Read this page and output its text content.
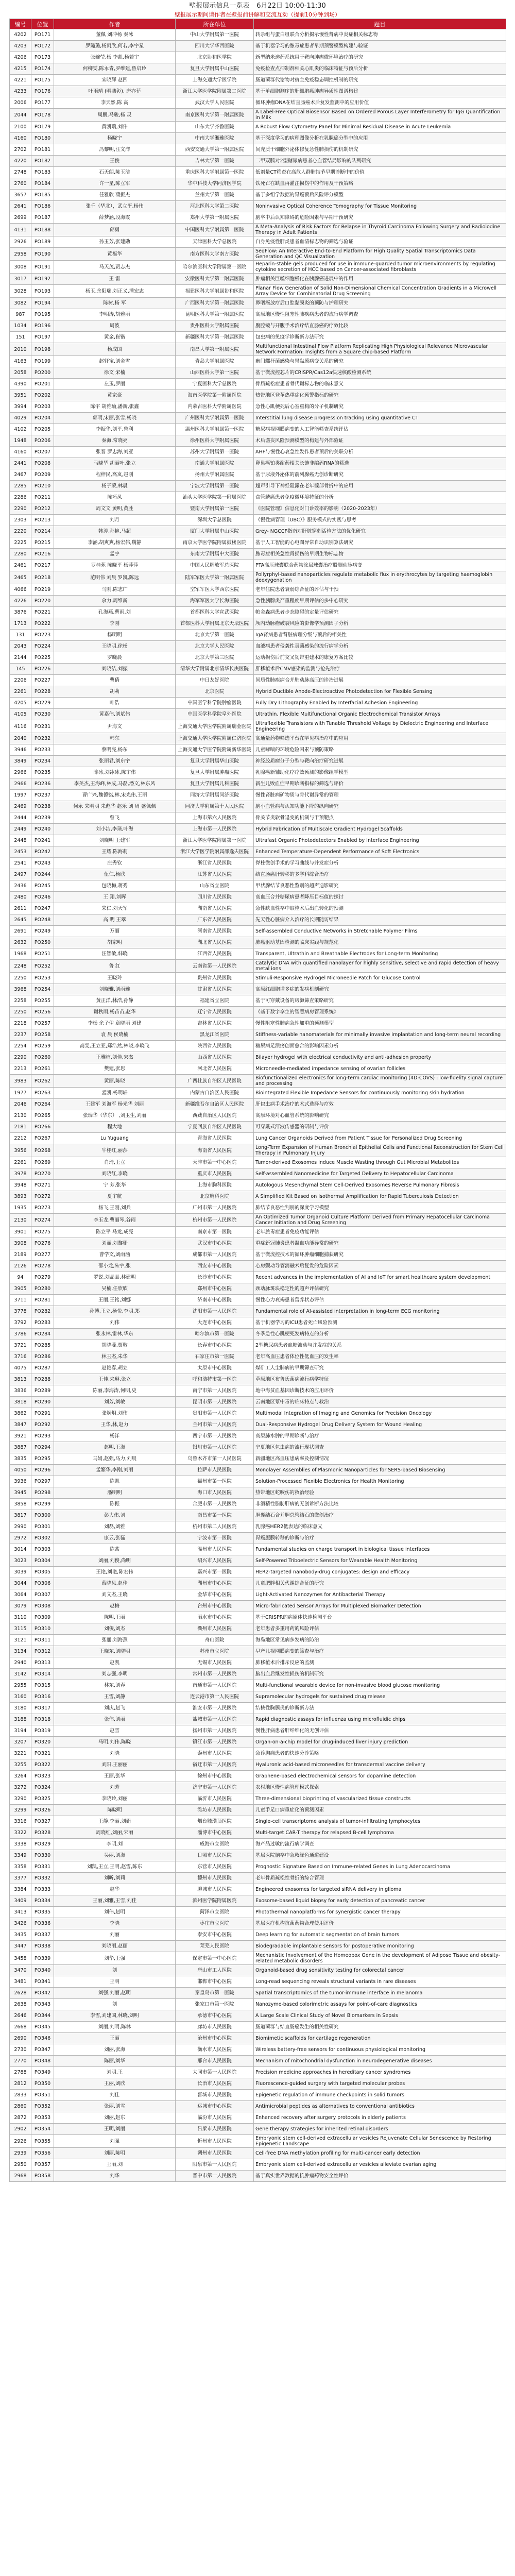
壁报展示信息一览表 6月22日 10:00-11:30
壁报展示期间请作者在壁报前讲解和交流互动（提前10分钟到场）
编号	位置	作者	所在单位	题目
4202	PO171	董佩 刘冲杨 秦冰	中山大学附属第一医院	转录组与蛋白组联合分析揭示慢性肾病中炎症相关标志物
4203	PO172	罗璐璐,杨雨欣,何若,李宇星	四川大学华西医院	基于机器学习的脓毒症患者早期预警模型构建与验证
4206	PO173	张婉莹,杨 李凯,杨若宇	北京协和医学院	新型纳米递药系统用于靶向肿瘤微环境治疗的研究
4215	PO174	何柳雯,陈永青,罗维建,鲁启玲	复旦大学附属中山医院	免疫检查点抑制剂相关心肌炎的临床特征与预后分析
4221	PO175	宋晓辉 赵四	上海交通大学医学院	肠道菌群代谢物对宿主免疫稳态调控机制的研究
4233	PO176	叶雨靖 (明鼎彰), 唐亦菲	浙江大学医学院附属第二医院	基于单细胞测序的肝细胞癌肿瘤异质性图谱构建
2006	PO177	李天然,陈 高	武汉大学人民医院	循环肿瘤DNA在结直肠癌术后复发监测中的应用价值
2044	PO178	周鹏,马骏,杨 灵	南京医科大学第一附属医院	A Label-Free Optical Biosensor Based on Ordered Porous Layer Interferometry for IgG Quantification in Milk
2100	PO179	黄凯瑞,刘伟	山东大学齐鲁医院	A Robust Flow Cytometry Panel for Minimal Residual Disease in Acute Leukemia
4160	PO180	杨晓宇	中南大学湘雅医院	基于深度学习的病理图像分析在乳腺癌分型中的应用
2702	PO181	冯黎明,汪文洋	西安交通大学第一附属医院	间充质干细胞外泌体修复急性肺损伤的机制研究
4220	PO182	王俊	吉林大学第一医院	二甲双胍对2型糖尿病患者心血管结局影响的队列研究
2748	PO183	石天朗,陈玉洁	重庆医科大学附属第一医院	低剂量CT筛查在高危人群肺结节早期诊断中的价值
2760	PO184	许一星,陈立军	华中科技大学同济医学院	铁死亡在缺血再灌注损伤中的作用及干预策略
3657	PO185	任雅欣 蒲振杰	兰州大学第一医院	基于多组学数据的胃癌预后风险评分模型
2641	PO186	张千（华北），武立平,杨伟	河北医科大学第二医院	Noninvasive Optical Coherence Tomography for Tissue Monitoring
2699	PO187	薛梦涵,段海霞	郑州大学第一附属医院	脑卒中后认知障碍的危险因素与早期干预研究
4131	PO188	邱勇	中国医科大学附属第一医院	A Meta-Analysis of Risk Factors for Relapse in Thyroid Carcinoma Following Surgery and Radioiodine Therapy in Adult Patients
2926	PO189	孙玉芳,张建勋	天津医科大学总医院	自身免疫性肝炎患者血清标志物的筛选与验证
2958	PO190	黄福华	南方医科大学南方医院	SeqFlow: An Interactive End-to-End Platform for High Quality Spatial Transcriptomics Data Generation and QC Visualization
3008	PO191	马天茂,贾志杰	哈尔滨医科大学附属第一医院	Heparin-stable gels produced for use in immune-guarded tumor microenvironments by regulating cytokine secretion of HCC based on Cancer-associated fibroblasts
3017	PO192	王 雷	安徽医科大学第一附属医院	肿瘤相关巨噬细胞极化在胰腺癌进展中的作用
3028	PO193	杨玉,余阳瑞,刘正义,潘宏志	福建医科大学附属协和医院	Planar Flow Generation of Solid Non-Dimensional Chemical Concentration Gradients in a Microwell Array Device for Combinatorial Drug Screening
3082	PO194	陈树,杨 军	广西医科大学第一附属医院	鼻咽癌放疗后口腔黏膜炎的预防与护理研究
987	PO195	李明涛,胡雅丽	昆明医科大学第一附属医院	高原地区慢性阻塞性肺疾病患者的流行病学调查
1034	PO196	周波	贵州医科大学附属医院	腹腔镜与开腹手术治疗结直肠癌的疗效比较
151	PO197	黄金,崔锴	新疆医科大学第一附属医院	包虫病的免疫学诊断新方法研究
2010	PO198	杨成国	南昌大学第一附属医院	Multifunctional Intestinal Flow Platform Replicating High Physiological Relevance Microvascular Network Formation: Insights from a Square chip-based Platform
4163	PO199	赵轩宝,刘金雪	青岛大学附属医院	幽门螺杆菌感染与胃黏膜病变关系的研究
2058	PO200	徐文 宋楠	山西医科大学第一医院	基于微流控芯片的CRISPR/Cas12a快速核酸检测系统
4390	PO201	左玉,罗丽	宁夏医科大学总医院	骨质疏松症患者骨代谢标志物的临床意义
3951	PO202	黄家豪	海南医学院第一附属医院	热带地区登革热重症化预警指标的研究
3994	PO203	陈宇 胡雅瑜,潘新,张鑫	内蒙古医科大学附属医院	急性心肌梗死后心室重构的分子机制研究
4029	PO204	郭明,宋丽,张雪,杨晓	广州医科大学附属第一医院	Interstitial lung disease progression tracking using quantitative CT
4102	PO205	李振华,刘平,鲁利	温州医科大学附属第一医院	糖尿病视网膜病变的人工智能筛查系统评估
1948	PO206	秦海,常晓亮	徐州医科大学附属医院	术后谵妄风险预测模型的构建与外部验证
4160	PO207	张晋 罗忠海,刘亚	苏州大学附属第一医院	AHF与慢性心衰急性发作患者预后的关联分析
2441	PO208	马晓华 胡丽叶,张立	南通大学附属医院	卵巢癌铂类耐药相关长链非编码RNA的筛选
2467	PO209	程梓民,高岚,赵刚	扬州大学附属医院	基于尿液外泌体的前列腺癌无创诊断研究
2285	PO210	杨子荣,林晨	宁波大学附属第一医院	超声引导下神经阻滞在老年髋部骨折中的应用
2286	PO211	陈巧凤	汕头大学医学院第一附属医院	食管鳞癌患者免疫微环境特征的分析
2290	PO212	周文文 黄明,黄胜	暨南大学附属第一医院	《医院管理》信息化对门诊效率的影响（2020-2023年）
2303	PO213	刘月	深圳大学总医院	《慢性病管理（UBC）》服务模式的实践与思考
2220	PO214	韩涛,孙艳,马超	厦门大学附属中山医院	Grey- NGCCF指南对肝脏穿刺活检方法的优化研究
2225	PO215	李涵,胡爽爽,杨宏伟,魏静	南京大学医学院附属鼓楼医院	基于人工智能的心电图异常自动识别算法研究
2280	PO216	孟宇	东南大学附属中大医院	脓毒症相关急性肾损伤的早期生物标志物
2461	PO217	罗桂苑 陈晓平 杨萍萍	中国人民解放军总医院	PTA高压球囊联合药物涂层球囊治疗股腘动脉病变
2465	PO218	范明伟 刘晨 罗凯,陈远	陆军军医大学第一附属医院	Pollyrphyl-based nanoparticles regulate metabolic flux in erythrocytes by targeting haemoglobin deoxygenation
4066	PO219	马刚,陈志广	空军军医大学西京医院	老年住院患者衰弱综合征的评估与干预
4226	PO220	余力,周维新	海军军医大学长海医院	急性胰腺炎严重程度早期评估的多中心研究
3876	PO221	孔海燕,曹雨,刘	首都医科大学宣武医院	帕金森病患者步态障碍的定量评估研究
1713	PO222	李刚	首都医科大学附属北京天坛医院	颅内动脉瘤破裂风险的影像学预测因子分析
131	PO223	杨明明	北京大学第一医院	IgA肾病患者肾脏病理分级与预后的相关性
2043	PO224	王晓明,徐杨	北京大学人民医院	血液病患者侵袭性真菌感染的流行病学分析
2144	PO225	罗晓晨	北京大学第三医院	运动损伤后前交叉韧带重建术的康复方案比较
145	PO226	刘晓洁,刘振	清华大学附属北京清华长庚医院	肝移植术后CMV感染的监测与抢先治疗
2206	PO227	曹倩	中日友好医院	间质性肺疾病合并肺动脉高压的诊治进展
2261	PO228	胡莉	北京医院	Hybrid Ductible Anode-Electroactive Photodetection for Flexible Sensing
4205	PO229	叶浩	中国医学科学院肿瘤医院	Fully Dry Lithography Enabled by Interfacial Adhesion Engineering
4105	PO230	黄嘉伟,刘斌伟	中国医学科学院阜外医院	Ultrathin, Flexible Multifunctional Organic Electrochemical Transistor Arrays
4116	PO231	尹海文	上海交通大学医学院附属瑞金医院	Ultraflexible Transistors with Tunable Threshold Voltage by Dielectric Engineering and Interface Engineering
2040	PO232	韩东	上海交通大学医学院附属仁济医院	高通量药物筛选平台在罕见病治疗中的应用
3946	PO233	蔡明亮,杨东	上海交通大学医学院附属新华医院	儿童哮喘的环境危险因素与预防策略
3849	PO234	张丽君,刘东宇	复旦大学附属华山医院	神经胶质瘤分子分型与靶向治疗研究进展
2966	PO235	陈冰,刘冰冰,陈宇伟	复旦大学附属肿瘤医院	乳腺癌新辅助化疗疗效预测的影像组学模型
2966	PO236	李美杰,王海峰,林成,马磊,潘文,林东风	复旦大学附属儿科医院	新生儿败血症早期诊断指标的筛选与评价
1997	PO237	曹广兴,魏德铭,林,宋光伟,王丽	同济大学附属同济医院	慢性肾脏病矿物质与骨代谢异常的管理
2469	PO238	何永 朱明明 朱彪华 赵乐 刘 周 盛佩佩	同济大学附属第十人民医院	脑小血管病与认知功能下降的纵向研究
2444	PO239	曾飞	上海市第六人民医院	骨关节炎软骨退变的机制与干预靶点
2449	PO240	刘小洁,李瑛,叶海	上海市第一人民医院	Hybrid Fabrication of Multiscale Gradient Hydrogel Scaffolds
2448	PO241	刘晓明 王建军	浙江大学医学院附属第一医院	Ultrafast Organic Photodetectors Enabled by Interface Engineering
2453	PO242	王耀,陈海莉	浙江大学医学院附属邵逸夫医院	Enhanced Temperature-Dependent Performance of Soft Electronics
2541	PO243	庄秀钦	浙江省人民医院	脊柱微创手术的学习曲线与并发症分析
2497	PO244	伍仁,杨欣	江苏省人民医院	结直肠癌肝转移的多学科综合治疗
2436	PO245	包晓梅,蒋秀	山东省立医院	甲状腺结节良恶性鉴别的超声造影研究
2480	PO246	王 翔,刘晖	四川省人民医院	高血压合并糖尿病患者降压目标值的探讨
2611	PO247	朱仁,刘天军	湖南省人民医院	急性缺血性卒中取栓术后出血转化的预测
2645	PO248	高 明 王翠	广东省人民医院	先天性心脏病介入治疗的长期随访结果
2691	PO249	万丽	河南省人民医院	Self-assembled Conductive Networks in Stretchable Polymer Films
2632	PO250	胡家明	湖北省人民医院	肺癌驱动基因检测的临床实践与规范化
1968	PO251	汪智敏,韩晓	江西省人民医院	Transparent, Ultrathin and Breathable Electrodes for Long-term Monitoring
2248	PO252	鲁 红	云南省第一人民医院	Catalytic DNA with quantified nanolayer for highly sensitive, selective and rapid detection of heavy metal ions
2250	PO253	王晓玲	贵州省人民医院	Stimuli-Responsive Hydrogel Microneedle Patch for Glucose Control
3968	PO254	刘晓雅,刘雨雅	甘肃省人民医院	高原红细胞增多症的发病机制研究
2258	PO255	黄正洋,林浩,孙静	福建省立医院	基于可穿戴设备的房颤筛查策略研究
2250	PO256	谢秋雨,杨苗苗,赵华	辽宁省人民医院	《基于数字孪生的智慧病房管理系统》
2218	PO257	李杨 余子伊 章晓丽 刘建	吉林省人民医院	慢性阻塞性肺病急性加重的预测模型
2237	PO258	袁 晨 侯晓楠	黑龙江省医院	Stiffness-variable nanomaterials for minimally invasive implantation and long-term neural recording
2254	PO259	高雯,王立亚,郑浩然,林晓,李晓飞	陕西省人民医院	糖尿病足溃疡创面愈合的影响因素分析
2290	PO260	王雅楠,刘佳,宋杰	山西省人民医院	Bilayer hydrogel with electrical conductivity and anti-adhesion property
2213	PO261	樊建,张思	河北省人民医院	Microneedle-mediated impedance sensing of ovarian follicles
3983	PO262	黄丽,陈晓	广西壮族自治区人民医院	Biofunctionalized electronics for long-term cardiac monitoring (4D-COVS) : low-fidelity signal capture and processing
1977	PO263	孟凯,杨明轩	内蒙古自治区人民医院	Biointegrated Flexible Impedance Sensors for continuously monitoring skin hydration
2046	PO264	王建军 刘海军 杨光华 刘丽	新疆维吾尔自治区人民医院	肝包虫病手术治疗的术式选择与疗效
2130	PO265	张瑞华（华东） ,刘玉生,刘丽	西藏自治区人民医院	高原环境对心血管系统的影响研究
2181	PO266	程大地	宁夏回族自治区人民医院	可穿戴式汗液传感器的研制与评价
2212	PO267	Lu Yuguang	青海省人民医院	Lung Cancer Organoids Derived from Patient Tissue for Personalized Drug Screening
3956	PO268	牛桂红,丽莎	海南省人民医院	Long-Term Expansion of Human Bronchial Epithelial Cells and Functional Reconstruction for Stem Cell Therapy in Pulmonary Injury
2261	PO269	肖琦,王立	天津市第一中心医院	Tumor-derived Exosomes Induce Muscle Wasting through Gut Microbial Metabolites
3978	PO270	刘晓红,李晓	重庆市人民医院	Self-assembled Nanomedicine for Targeted Delivery to Hepatocellular Carcinoma
3948	PO271	宁 芳,张华	上海市胸科医院	Autologous Mesenchymal Stem Cell-Derived Exosomes Reverse Pulmonary Fibrosis
3893	PO272	夏宇航	北京胸科医院	A Simplified Kit Based on Isothermal Amplification for Rapid Tuberculosis Detection
1935	PO273	杨飞,王刚,刘兵	广州市第一人民医院	肺结节良恶性判别的深度学习模型
2130	PO274	李玉龙,曹丽琴,谷雨	杭州市第一人民医院	An Optimized Tumor Organoid Culture Platform Derived from Primary Hepatocellular Carcinoma Cancer Initiation and Drug Screening
3901	PO275	陈立平 马龙,成亮	南京市第一医院	老年脓毒症患者免疫功能评估
3908	PO276	刘丽,刘黎珊	武汉市中心医院	重症新冠肺炎患者凝血功能异常的研究
2189	PO277	曹学文,刘雨涵	成都市第一人民医院	基于微流控技术的循环肿瘤细胞捕获研究
2126	PO278	邵小龙,朱宇,张	西安市中心医院	心房颤动导管消融术后复发的危险因素
94	PO279	罗锐,刘晶晶,林建明	长沙市中心医院	Recent advances in the implementation of AI and IoT for smart healthcare system development
3905	PO280	吴楠,任欣欣	郑州市中心医院	颈动脉斑块稳定性的超声评估研究
3711	PO281	王丽,王铭,刘娜	济南市中心医院	慢性心力衰竭患者营养状态评估
3778	PO282	孙博,王立,杨悦,李明,郑	沈阳市第一人民医院	Fundamental role of AI-assisted interpretation in long-term ECG monitoring
3792	PO283	刘伟	大连市中心医院	基于机器学习的ICU患者死亡风险预测
3786	PO284	张永林,雷林,华东	哈尔滨市第一医院	冬季急性心肌梗死发病特点的分析
3721	PO285	胡晓斐,贾敬	长春市中心医院	2型糖尿病患者血糖波动与并发症的关系
3716	PO286	林玉杰,朱华	石家庄市第一医院	老年高血压患者体位性低血压的发生率
4075	PO287	赵艳春,胡立	太原市中心医院	煤矿工人尘肺病的早期筛查研究
3813	PO288	王佳,朱琳,张立	呼和浩特市第一医院	草原地区布鲁氏菌病流行病学特征
3836	PO289	陈丽,李海涛,何明,史	南宁市第一人民医院	地中海贫血基因诊断技术的应用评价
3818	PO290	刘芳,刘敏	昆明市第一人民医院	云南地区蕈中毒的临床特点与救治
3862	PO291	张炯炯,刘伟	贵阳市第一人民医院	Multimodal Integration of Imaging and Genomics for Precision Oncology
3847	PO292	王华,林,赵力	兰州市第一人民医院	Dual-Responsive Hydrogel Drug Delivery System for Wound Healing
3921	PO293	杨洋	西宁市第一人民医院	高原肺水肿的早期诊断与治疗
3887	PO294	赵明,王海	银川市第一人民医院	宁夏地区包虫病的流行现状调查
3835	PO295	马娟,赵强,马力,刘晨	乌鲁木齐市第一人民医院	新疆地区高血压患病率及控制情况
4050	PO296	孟繁华,李刚,刘丽	拉萨市人民医院	Monolayer Assemblies of Plasmonic Nanoparticles for SERS-based Biosensing
3936	PO297	陈凯	福州市第一医院	Solution-Processed Flexible Electronics for Health Monitoring
3945	PO298	潘明明	海口市人民医院	热带地区蛇咬伤的救治经验
3858	PO299	陈振	合肥市第一人民医院	非酒精性脂肪肝病的无创诊断方法比较
3817	PO300	彭大伟,刘	南昌市第一医院	胆囊结石合并胆总管结石的微创治疗
2990	PO301	刘磊,刘雅	杭州市第二人民医院	乳腺癌HER2低表达的临床意义
2972	PO302	康云,张磊	宁波市第一医院	胃癌腹膜转移的诊断与治疗
3014	PO303	陈茜	温州市人民医院	Fundamental studies on charge transport in biological tissue interfaces
3023	PO304	刘丽,刘俊,尚明	绍兴市人民医院	Self-Powered Triboelectric Sensors for Wearable Health Monitoring
3039	PO305	王艳,刘艳,陈宏伟	嘉兴市第一医院	HER2-targeted nanobody-drug conjugates: design and efficacy
3044	PO306	蔡晓凤,赵佳	湖州市中心医院	儿童肥胖相关代谢综合征的研究
3064	PO307	刘文杰,王晓	金华市中心医院	Light-Activated Nanozymes for Antibacterial Therapy
3079	PO308	赵梅	台州市中心医院	Micro-fabricated Sensor Arrays for Multiplexed Biomarker Detection
3110	PO309	陈明,王丽	丽水市中心医院	基于CRISPR的病原体快速检测平台
3115	PO310	刘俊,刘杰	衢州市人民医院	老年患者多重用药的风险评估
3121	PO311	张丽,刘海燕	舟山医院	海岛地区常见病多发病的防治
3134	PO312	王晓东,刘晓明	苏州市立医院	早产儿视网膜病变的筛查与治疗
2940	PO313	赵凯	无锡市人民医院	肺移植术后排斥反应的监测
3142	PO314	刘志强,李明	常州市第一人民医院	脑出血后继发性损伤的机制研究
2955	PO315	林东,刘春	南通市第一人民医院	Multi-functional wearable device for non-invasive blood glucose monitoring
3160	PO316	王雪,刘静	连云港市第一人民医院	Supramolecular hydrogels for sustained drug release
3180	PO317	刘庆,赵飞	淮安市第一人民医院	结核性胸膜炎的诊断新方法
3188	PO318	张伟,刘丽	盐城市第一人民医院	Rapid diagnostic assays for influenza using microfluidic chips
3194	PO319	赵雪	扬州市第一人民医院	慢性肝病患者肝纤维化的无创评估
3207	PO320	马明,刘伟,陈晓	镇江市第一人民医院	Organ-on-a-chip model for drug-induced liver injury prediction
3221	PO321	刘晓	泰州市人民医院	急诊胸痛患者的快速分诊策略
3255	PO322	刘阳,王丽丽	宿迁市第一人民医院	Hyaluronic acid-based microneedles for transdermal vaccine delivery
3264	PO323	王丽,张华	徐州市中心医院	Graphene-based electrochemical sensors for dopamine detection
3272	PO324	刘芳	济宁市第一人民医院	农村地区慢性病管理模式探索
3290	PO325	李晓玲,刘丽	临沂市人民医院	Three-dimensional bioprinting of vascularized tissue constructs
3299	PO326	陈晓明	潍坊市人民医院	儿童手足口病重症化的预测因素
3316	PO327	王静,李丽,刘娟	烟台毓璜顶医院	Single-cell transcriptome analysis of tumor-infiltrating lymphocytes
3322	PO328	周晓红,刘丽,宋丽	淄博市中心医院	Multi-target CAR-T therapy for relapsed B-cell lymphoma
3338	PO329	李明,刘	威海市立医院	海产品过敏的流行病学调查
3349	PO330	吴丽,刘海	日照市人民医院	基层医院脑卒中急救绿色通道建设
3358	PO331	刘凯,王立,王明,赵雪,陈东	东营市人民医院	Prognostic Signature Based on Immune-related Genes in Lung Adenocarcinoma
3377	PO332	刘昕,刘莉	德州市人民医院	老年骨质疏松性骨折的综合管理
3384	PO333	赵华	聊城市人民医院	Engineered exosomes for targeted siRNA delivery in glioma
3409	PO334	王丽,刘雅,王雪,刘佳	滨州医学院附属医院	Exosome-based liquid biopsy for early detection of pancreatic cancer
3413	PO335	刘伟,赵明	菏泽市立医院	Photothermal nanoplatforms for synergistic cancer therapy
3426	PO336	李晓	枣庄市立医院	基层医疗机构抗菌药物合理使用评价
3435	PO337	刘丽	泰安市中心医院	Deep learning for automatic segmentation of brain tumors
3447	PO338	刘晓丽,赵丽	莱芜人民医院	Biodegradable implantable sensors for postoperative monitoring
3458	PO339	刘华,王强	保定市第一中心医院	Mechanistic Involvement of the Homeobox Gene in the development of Adipose Tissue and obesity-related metabolic disorders
3470	PO340	刘	唐山市工人医院	Organoid-based drug sensitivity testing for colorectal cancer
3481	PO341	王明	邯郸市中心医院	Long-read sequencing reveals structural variants in rare diseases
2628	PO342	刘强,刘丽,赵明	秦皇岛市第一医院	Spatial transcriptomics of the tumor-immune interface in melanoma
2638	PO343	刘	张家口市第一医院	Nanozyme-based colorimetric assays for point-of-care diagnostics
2646	PO344	李雪,刘建国,林晓,刘明	承德市中心医院	A Large Scale Clinical Study of Novel Biomarkers in Sepsis
2668	PO345	刘丽,刘明,陈林	廊坊市人民医院	肠道菌群与结直肠癌发生的相关性研究
2690	PO346	王丽	沧州市中心医院	Biomimetic scaffolds for cartilage regeneration
2730	PO347	刘丽,张海	衡水市人民医院	Wireless battery-free sensors for continuous physiological monitoring
2770	PO348	陈丽,刘华	邢台市人民医院	Mechanism of mitochondrial dysfunction in neurodegenerative diseases
2788	PO349	刘明,王	大同市第一人民医院	Precision medicine approaches in hereditary cancer syndromes
2812	PO350	王丽,刘欣	长治市人民医院	Fluorescence-guided surgery with targeted molecular probes
2833	PO351	刘佳	晋城市人民医院	Epigenetic regulation of immune checkpoints in solid tumors
2860	PO352	张丽,刘雪	运城市中心医院	Antimicrobial peptides as alternatives to conventional antibiotics
2872	PO353	刘丽,赵东	临汾市人民医院	Enhanced recovery after surgery protocols in elderly patients
2902	PO354	王明,刘丽	吕梁市人民医院	Gene therapy strategies for inherited retinal disorders
2926	PO355	刘强	忻州市人民医院	Embryonic stem cell-derived extracellular vesicles Rejuvenate Cellular Senescence by Restoring Epigenetic Landscape
2939	PO356	刘丽,陈明	朔州市人民医院	Cell-free DNA methylation profiling for multi-cancer early detection
2950	PO357	王丽,刘	阳泉市第一人民医院	Embryonic stem cell-derived extracellular vesicles alleviate ovarian aging
2968	PO358	刘华	晋中市第一人民医院	基于真实世界数据的抗肿瘤药物安全性评价
